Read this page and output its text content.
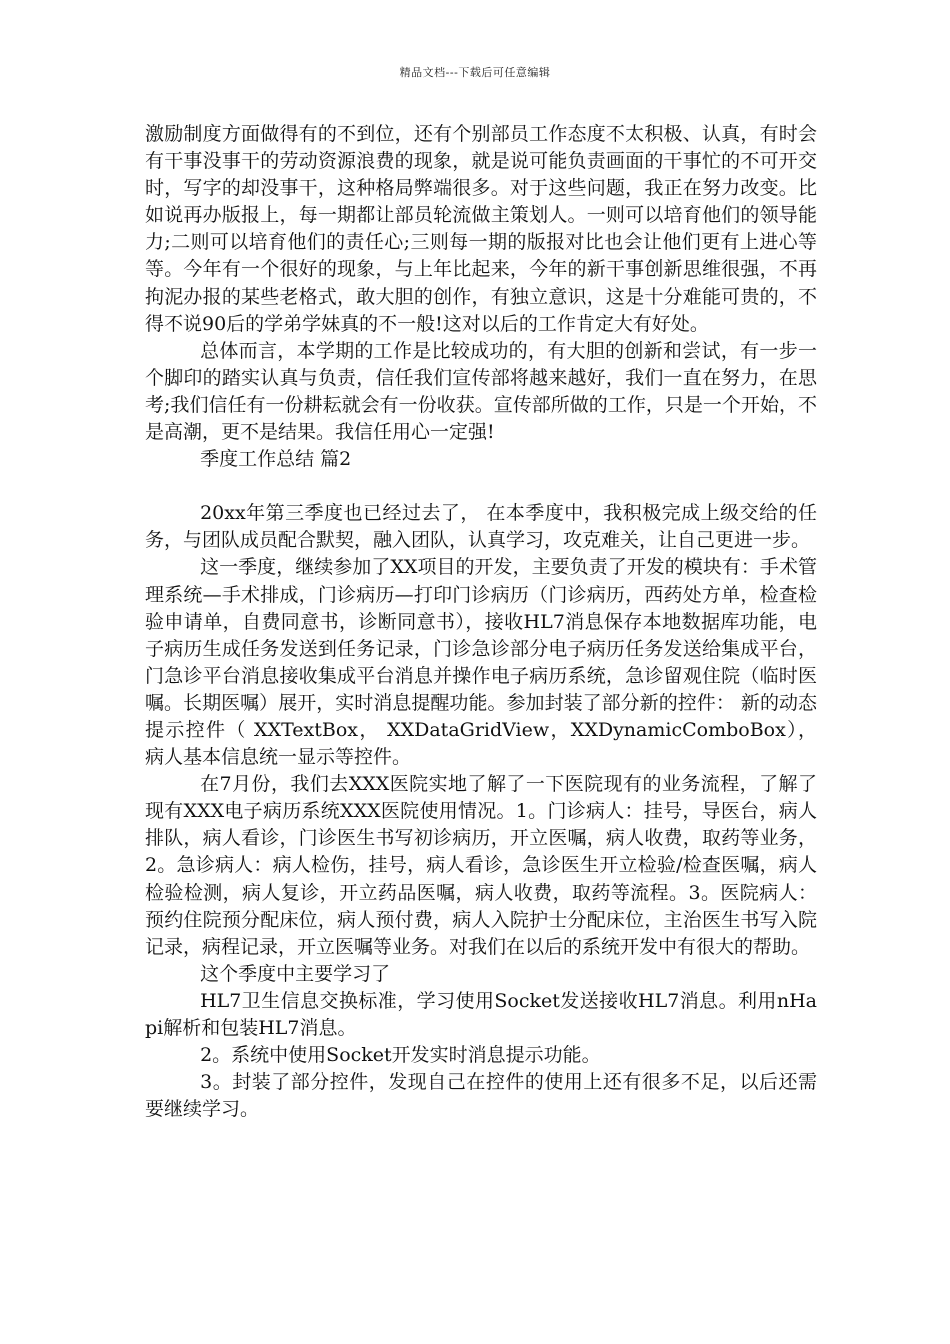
精品文档---下载后可任意编辑

激励制度方面做得有的不到位，还有个别部员工作态度不太积极、认真，有时会有干事没事干的劳动资源浪费的现象，就是说可能负责画面的干事忙的不可开交时，写字的却没事干，这种格局弊端很多。对于这些问题，我正在努力改变。比如说再办版报上，每一期都让部员轮流做主策划人。一则可以培育他们的领导能力;二则可以培育他们的责任心;三则每一期的版报对比也会让他们更有上进心等等。今年有一个很好的现象，与上年比起来，今年的新干事创新思维很强，不再拘泥办报的某些老格式，敢大胆的创作，有独立意识，这是十分难能可贵的，不得不说90后的学弟学妹真的不一般!这对以后的工作肯定大有好处。

总体而言，本学期的工作是比较成功的，有大胆的创新和尝试，有一步一个脚印的踏实认真与负责，信任我们宣传部将越来越好，我们一直在努力，在思考;我们信任有一份耕耘就会有一份收获。宣传部所做的工作，只是一个开始，不是高潮，更不是结果。我信任用心一定强!

季度工作总结 篇2

20xx年第三季度也已经过去了， 在本季度中，我积极完成上级交给的任务，与团队成员配合默契，融入团队，认真学习，攻克难关，让自己更进一步。

这一季度，继续参加了XX项目的开发，主要负责了开发的模块有：手术管理系统—手术排成，门诊病历—打印门诊病历（门诊病历，西药处方单，检查检验申请单，自费同意书，诊断同意书），接收HL7消息保存本地数据库功能，电子病历生成任务发送到任务记录，门诊急诊部分电子病历任务发送给集成平台，门急诊平台消息接收集成平台消息并操作电子病历系统，急诊留观住院（临时医嘱。长期医嘱）展开，实时消息提醒功能。参加封装了部分新的控件： 新的动态提示控件（ XXTextBox， XXDataGridView，XXDynamicComboBox），病人基本信息统一显示等控件。

在7月份，我们去XXX医院实地了解了一下医院现有的业务流程，了解了现有XXX电子病历系统XXX医院使用情况。1。门诊病人：挂号，导医台，病人排队，病人看诊，门诊医生书写初诊病历，开立医嘱，病人收费，取药等业务，2。急诊病人：病人检伤，挂号，病人看诊，急诊医生开立检验/检查医嘱，病人检验检测，病人复诊，开立药品医嘱，病人收费，取药等流程。3。医院病人：预约住院预分配床位，病人预付费，病人入院护士分配床位，主治医生书写入院记录，病程记录，开立医嘱等业务。对我们在以后的系统开发中有很大的帮助。

这个季度中主要学习了

HL7卫生信息交换标准，学习使用Socket发送接收HL7消息。利用nHapi解析和包装HL7消息。

2。系统中使用Socket开发实时消息提示功能。

3。封装了部分控件，发现自己在控件的使用上还有很多不足，以后还需要继续学习。
